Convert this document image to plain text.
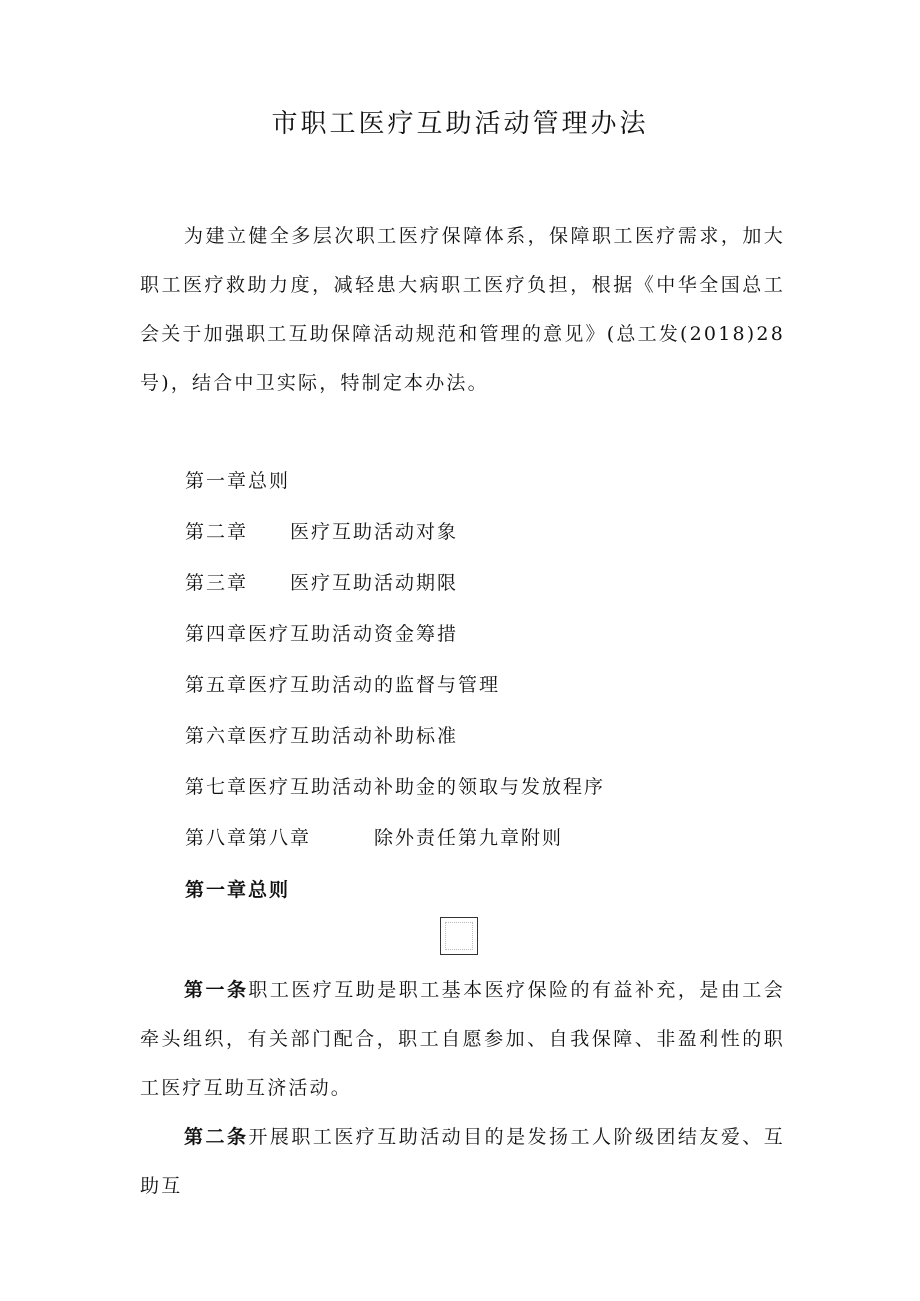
市职工医疗互助活动管理办法

为建立健全多层次职工医疗保障体系，保障职工医疗需求，加大职工医疗救助力度，减轻患大病职工医疗负担，根据《中华全国总工会关于加强职工互助保障活动规范和管理的意见》(总工发(2018)28号)，结合中卫实际，特制定本办法。

第一章总则
第二章　　医疗互助活动对象
第三章　　医疗互助活动期限
第四章医疗互助活动资金筹措
第五章医疗互助活动的监督与管理
第六章医疗互助活动补助标准
第七章医疗互助活动补助金的领取与发放程序
第八章第八章　　　除外责任第九章附则
第一章总则

第一条职工医疗互助是职工基本医疗保险的有益补充，是由工会牵头组织，有关部门配合，职工自愿参加、自我保障、非盈利性的职工医疗互助互济活动。

第二条开展职工医疗互助活动目的是发扬工人阶级团结友爱、互助互
